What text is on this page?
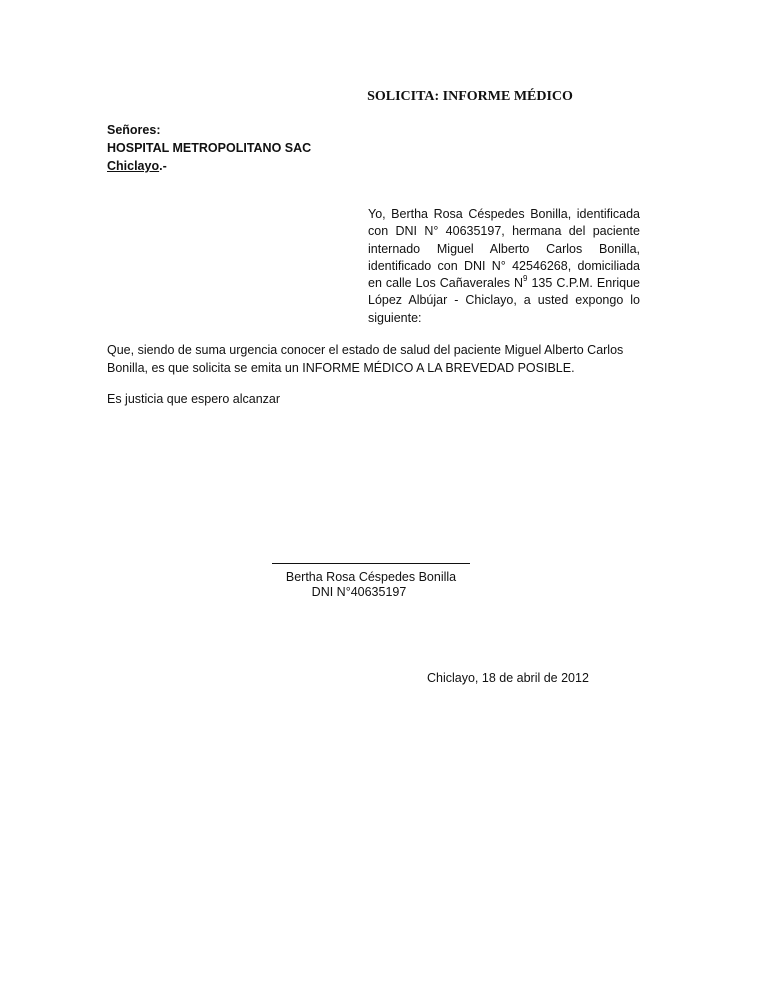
SOLICITA: INFORME MÉDICO
Señores:
HOSPITAL METROPOLITANO SAC
Chiclayo.-
Yo, Bertha Rosa Céspedes Bonilla, identificada con DNI N° 40635197, hermana del paciente internado Miguel Alberto Carlos Bonilla, identificado con DNI N° 42546268, domiciliada en calle Los Cañaverales $N^9$ 135 C.P.M. Enrique López Albújar - Chiclayo, a usted expongo lo siguiente:
Que, siendo de suma urgencia conocer el estado de salud del paciente Miguel Alberto Carlos
Bonilla, es que solicita se emita un INFORME MÉDICO A LA BREVEDAD POSIBLE.
Es justicia que espero alcanzar
Bertha Rosa Céspedes Bonilla
DNI N°40635197
Chiclayo, 18 de abril de 2012
